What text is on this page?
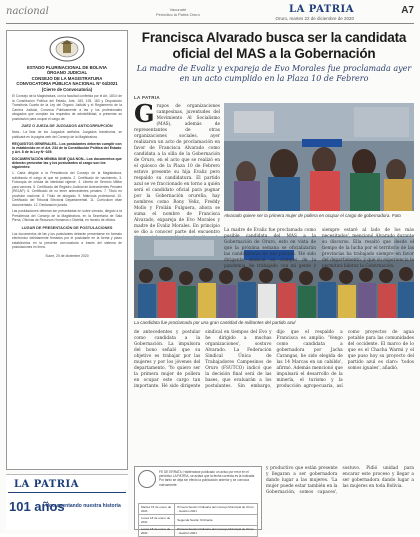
nacional	Vacunaté
Periódico la Patria Oruro	LA PATRIA
Oruro, martes 22 de diciembre de 2020
A7
ESTADO PLURINACIONAL DE BOLIVIA
ÓRGANO JUDICIAL
CONSEJO DE LA MAGISTRATURA
CONVOCATORIA PÚBLICA NACIONAL Nº 04/2021
(Cierre de Convocatoria)
El Consejo de la Magistratura, con la facultad conferida por el Art. 183.II de la Constitución Política del Estado, Arts. 183, 193, 183 y Disposición Transitoria Cuarta de la Ley del Órgano Judicial y el Reglamento de la Carrera Judicial, Convoca Públicamente a las y los profesionales abogados que cumplan los requisitos de admisibilidad, a presentar su postulación para ocupar el cargo de:
JUEZ O JUEZA DE JUZGADOS ANTICORRUPCIÓN
Nota.- La lista de los Juzgados acéfalos, Juzgados transitorios, se publicará en la página web del Consejo de la Magistratura.
REQUISITOS GENERALES.- Los postulantes deberán cumplir con lo establecido en el Art. 234 de la Constitución Política del Estado y Art. 8 de la Ley Nº 025:
DOCUMENTACIÓN MÍNIMA SINE QUA NON.- Los documentos que deberán presentar las y los postulantes al cargo son los siguientes:
1. Carta dirigida a la Presidencia del Consejo de la Magistratura, solicitando el cargo al que se postula. 2. Certificado de nacimiento. 3. Fotocopia de cédula de identidad vigente. 4. Libreta de Servicio Militar para varones. 5. Certificado del Registro Judicial de Antecedentes Penales (REJAP). 6. Certificado de no tener antecedentes penales. 7. Título en provisión nacional. 8. Título de abogado. 9. Matrícula profesional. 10. Certificado del Tribunal Electoral Departamental. 11. Currículum vitae documentado. 12. Declaración jurada.
Las postulaciones deberán ser presentadas en sobre cerrado, dirigido a la Presidencia del Consejo de la Magistratura, en la Secretaría de Sala Plena, Oficinas de Recursos Humanos o Distrital, en horario de oficina.
LUGAR DE PRESENTACIÓN DE POSTULACIONES
Los documentos de las y los postulantes deberán presentarse en formato electrónico debidamente firmados por el postulante en la forma y plazo establecidos en la presente convocatoria a través del sistema de postulaciones en línea.
Sucre, 20 de diciembre 2020
LA PATRIA
101 años
documentando nuestra historia
Francisca Alvarado busca ser la candidata oficial del MAS a la Gobernación
La madre de Evaliz y expareja de Evo Morales fue proclamada ayer en un acto cumplido en la Plaza 10 de Febrero
LA PATRIA
G rupos de organizaciones campesinas, juventudes del Movimiento Al Socialismo (MAS), además de representantes de otras organizaciones sociales, ayer realizaron un acto de proclamación en favor de Francisca Alvarado como candidata a la silla de la Gobernación de Oruro, en el acto que se realizó en el quiosco de la Plaza 10 de Febrero estuvo presente su hija Evaliz pero respaldo su candidatura. El partido azul se ve fraccionado en torno a quién será el candidato oficial para pugnar por la Gobernación orureña, hay nombres como Rony Veliz, Freddy Mollo y Froilán Fulguera, ahora se suma el nombre de Francisca Alvarado, expareja de Evo Morales y madre de Evaliz Morales. En principio se dio a conocer parte del encuentro
Alvarado quiere ser la primera mujer de pollera en ocupar el cargo de gobernadora. Foto
La candidata fue proclamada por una gran cantidad de militantes del partido azul
La madre de Evaliz fue proclamada como posible candidata del MAS a la Gobernación de Oruro, esto en vista de que la próxima semana se oficializarán las candidaturas de ese partido. 'Hé sido dirigente sindical en tiempos de la pandemia, he trabajado con mi gente y siempre estaré al lado de los más necesitados', mencionó Alvarado durante su discurso. Ella resaltó que desde el tiempo de la lucha por el territorio de las provincias ha trabajado siempre en favor del departamento, y que su experiencia le permitirá liderar la Gobernación.
de antecedentes y postular como candidata a la Gobernación. La impulsora del bono señaló que su objetivo es trabajar por las mujeres y por los jóvenes del departamento. 'Yo quiero ser la primera mujer de pollera en ocupar este cargo tan importante. Hé sido dirigente sindical en tiempos del Evo y he dirigido a muchas organizaciones', sostuvo Alvarado. La Federación Sindical Única de Trabajadores Campesinos de Oruro (FSUTCO) indicó que la decisión final será de las bases, que evaluarán a los postulantes. Sin embargo, dijo que el respaldo a Francisca es amplio. 'Vengo como candidata a gobernadora por Jacha Carangas, he sido elegida de las 14 Marcas en un cabildo', afirmó. Además mencionó que impulsará el desarrollo de la minería, el turismo y la producción agropecuaria, así como proyectos de agua potable para las comunidades del occidente. El marco de lo que es el Chacha Warmi y el que puso hoy su proyecto del partido azul es claro: 'todos somos iguales', añadió.
FE DE ERRATA: Habiéndose publicado un aviso por error en el periódico LA PATRIA, se aclara que la fecha correcta es la indicada. Por tanto se deja sin efecto la publicación anterior y se convoca nuevamente.
Martes 15 de enero de 2021	Primera Sesión Ordinaria del Concejo Municipal de Oruro - Gestión 2021
Lunes 18 de enero de 2021	Segunda Sesión Ordinaria
Lunes 18 de enero de 2021	Primera Sesión Ordinaria del Concejo Municipal de Oruro - Gestión 2021
y productivo que están presente y llegaran a ser gobernadora dando lugar a las mujeres. 'La mujer puede estar también en la Gobernación, somos capaces', sostuvo. Pidió unidad para encarar este proceso y llegar a ser gobernadora dando lugar a las mujeres en toda Bolivia.
